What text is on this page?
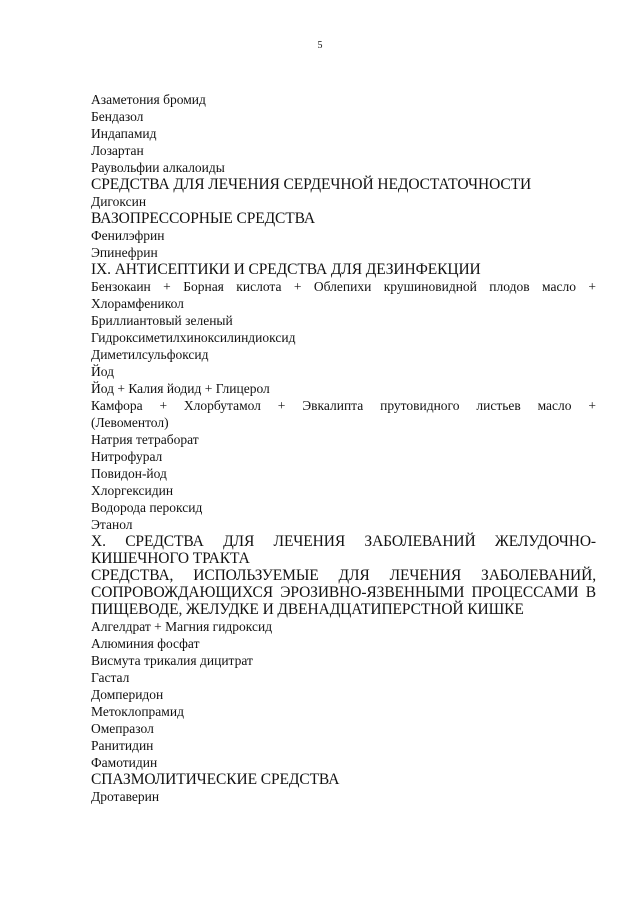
5
Азаметония бромид
Бендазол
Индапамид
Лозартан
Раувольфии алкалоиды
СРЕДСТВА ДЛЯ ЛЕЧЕНИЯ СЕРДЕЧНОЙ НЕДОСТАТОЧНОСТИ
Дигоксин
ВАЗОПРЕССОРНЫЕ СРЕДСТВА
Фенилэфрин
Эпинефрин
IX. АНТИСЕПТИКИ И СРЕДСТВА ДЛЯ ДЕЗИНФЕКЦИИ
Бензокаин + Борная кислота + Облепихи крушиновидной плодов масло +
Хлорамфеникол
Бриллиантовый зеленый
Гидроксиметилхиноксилиндиоксид
Диметилсульфоксид
Йод
Йод + Калия йодид + Глицерол
Камфора + Хлорбутамол + Эвкалипта прутовидного листьев масло +
(Левоментол)
Натрия тетраборат
Нитрофурал
Повидон-йод
Хлоргексидин
Водорода пероксид
Этанол
X. СРЕДСТВА ДЛЯ ЛЕЧЕНИЯ ЗАБОЛЕВАНИЙ ЖЕЛУДОЧНО-
КИШЕЧНОГО ТРАКТА
СРЕДСТВА, ИСПОЛЬЗУЕМЫЕ ДЛЯ ЛЕЧЕНИЯ ЗАБОЛЕВАНИЙ,
СОПРОВОЖДАЮЩИХСЯ ЭРОЗИВНО-ЯЗВЕННЫМИ ПРОЦЕССАМИ В
ПИЩЕВОДЕ, ЖЕЛУДКЕ И ДВЕНАДЦАТИПЕРСТНОЙ КИШКЕ
Алгелдрат + Магния гидроксид
Алюминия фосфат
Висмута трикалия дицитрат
Гастал
Домперидон
Метоклопрамид
Омепразол
Ранитидин
Фамотидин
СПАЗМОЛИТИЧЕСКИЕ СРЕДСТВА
Дротаверин
